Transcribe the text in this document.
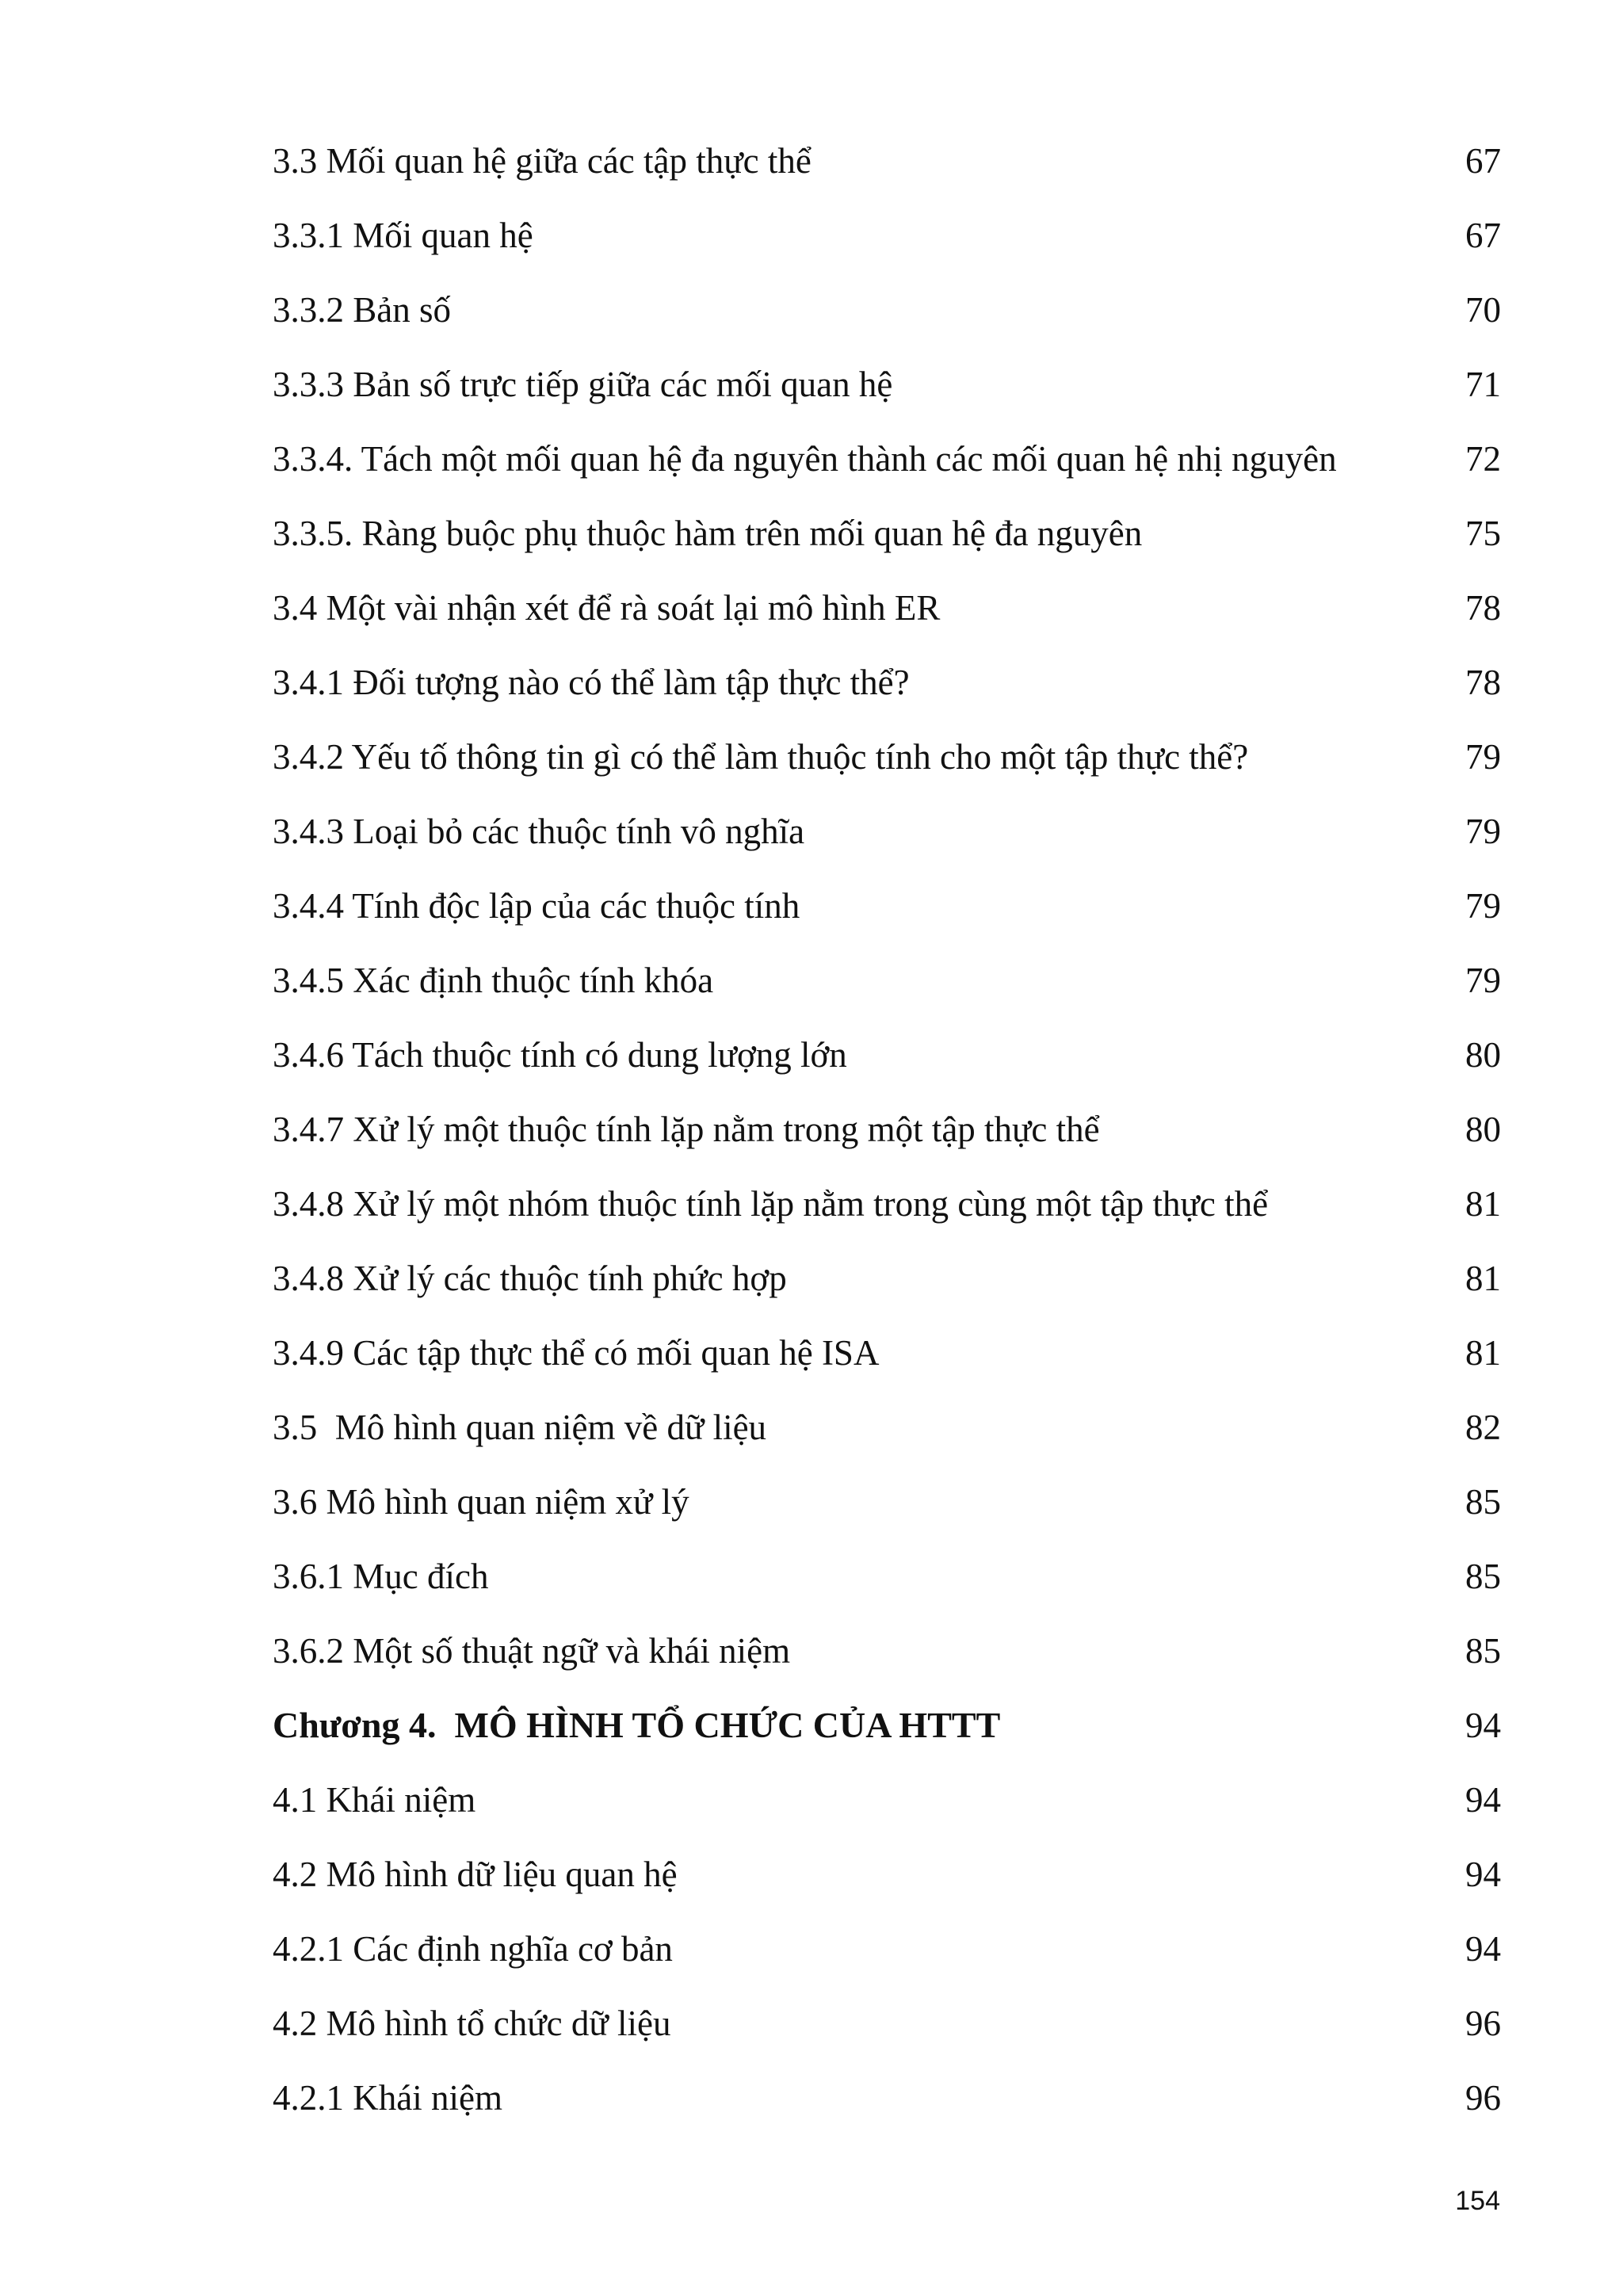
3.3 Mối quan hệ giữa các tập thực thể	67
3.3.1 Mối quan hệ	67
3.3.2 Bản số	70
3.3.3 Bản số trực tiếp giữa các mối quan hệ	71
3.3.4. Tách một mối quan hệ đa nguyên thành các mối quan hệ nhị nguyên	72
3.3.5. Ràng buộc phụ thuộc hàm trên mối quan hệ đa nguyên	75
3.4 Một vài nhận xét để rà soát lại mô hình ER	78
3.4.1 Đối tượng nào có thể làm tập thực thể?	78
3.4.2 Yếu tố thông tin gì có thể làm thuộc tính cho một tập thực thể?	79
3.4.3 Loại bỏ các thuộc tính vô nghĩa	79
3.4.4 Tính độc lập của các thuộc tính	79
3.4.5 Xác định thuộc tính khóa	79
3.4.6 Tách thuộc tính có dung lượng lớn	80
3.4.7 Xử lý một thuộc tính lặp nằm trong một tập thực thể	80
3.4.8 Xử lý một nhóm thuộc tính lặp nằm trong cùng một tập thực thể	81
3.4.8 Xử lý các thuộc tính phức hợp	81
3.4.9 Các tập thực thể có mối quan hệ ISA	81
3.5  Mô hình quan niệm về dữ liệu	82
3.6 Mô hình quan niệm xử lý	85
3.6.1 Mục đích	85
3.6.2 Một số thuật ngữ và khái niệm	85
Chương 4.  MÔ HÌNH TỔ CHỨC CỦA HTTT	94
4.1 Khái niệm	94
4.2 Mô hình dữ liệu quan hệ	94
4.2.1 Các định nghĩa cơ bản	94
4.2 Mô hình tổ chức dữ liệu	96
4.2.1 Khái niệm	96
154
